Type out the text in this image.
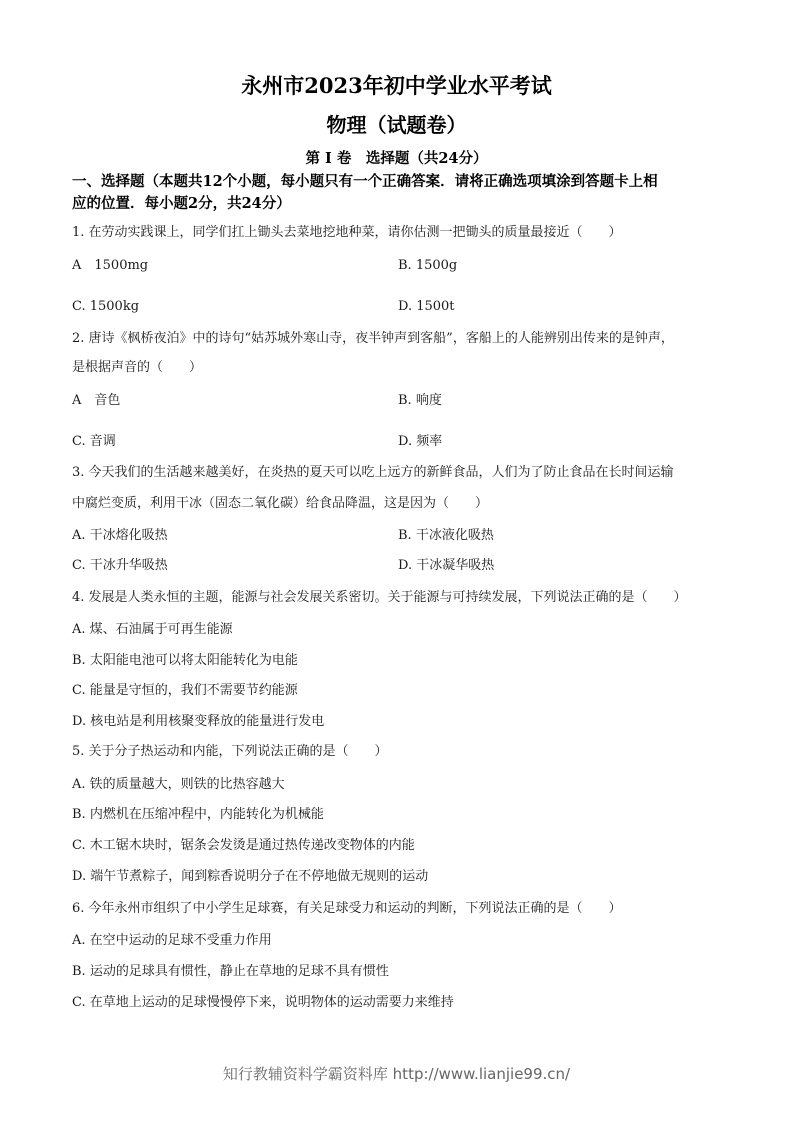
永州市2023年初中学业水平考试
物理（试题卷）
第 I 卷　选择题（共24分）
一、选择题（本题共12个小题，每小题只有一个正确答案．请将正确选项填涂到答题卡上相
应的位置．每小题2分，共24分）
1. 在劳动实践课上，同学们扛上锄头去菜地挖地种菜，请你估测一把锄头的质量最接近（　　）
A　1500mg	B. 1500g
C. 1500kg	D. 1500t
2. 唐诗《枫桥夜泊》中的诗句“姑苏城外寒山寺，夜半钟声到客船”，客船上的人能辨别出传来的是钟声，
是根据声音的（　　）
A　音色	B. 响度
C. 音调	D. 频率
3. 今天我们的生活越来越美好，在炎热的夏天可以吃上远方的新鲜食品，人们为了防止食品在长时间运输
中腐烂变质，利用干冰（固态二氧化碳）给食品降温，这是因为（　　）
A. 干冰熔化吸热	B. 干冰液化吸热
C. 干冰升华吸热	D. 干冰凝华吸热
4. 发展是人类永恒的主题，能源与社会发展关系密切。关于能源与可持续发展，下列说法正确的是（　　）
A. 煤、石油属于可再生能源
B. 太阳能电池可以将太阳能转化为电能
C. 能量是守恒的，我们不需要节约能源
D. 核电站是利用核聚变释放的能量进行发电
5. 关于分子热运动和内能，下列说法正确的是（　　）
A. 铁的质量越大，则铁的比热容越大
B. 内燃机在压缩冲程中，内能转化为机械能
C. 木工锯木块时，锯条会发烫是通过热传递改变物体的内能
D. 端午节煮粽子，闻到粽香说明分子在不停地做无规则的运动
6. 今年永州市组织了中小学生足球赛，有关足球受力和运动的判断，下列说法正确的是（　　）
A. 在空中运动的足球不受重力作用
B. 运动的足球具有惯性，静止在草地的足球不具有惯性
C. 在草地上运动的足球慢慢停下来，说明物体的运动需要力来维持
知行教辅资料学霸资料库 http://www.lianjie99.cn/
